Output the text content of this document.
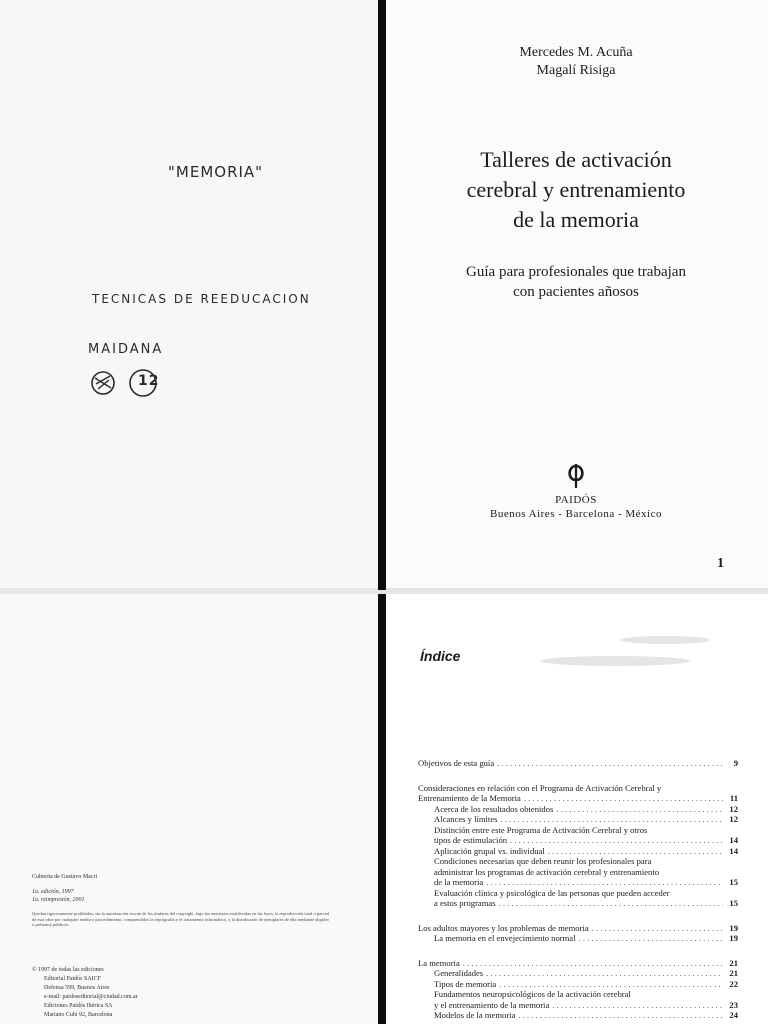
"MEMORIA"
TECNICAS DE REEDUCACION
MAIDANA
12
Mercedes M. Acuña
Magalí Risiga
Talleres de activación
cerebral y entrenamiento
de la memoria
Guía para profesionales que trabajan
con pacientes añosos
PAIDÓS
Buenos Aires - Barcelona - México
1
Cubierta de Gustavo Macri
1a. edición, 1997
1a. reimpresión, 2001
Quedan rigurosamente prohibidas, sin la autorización escrita de los titulares del copyright, bajo las sanciones establecidas en las leyes, la reproducción total o parcial de esta obra por cualquier medio o procedimiento, comprendidos la reprografía y el tratamiento informático, y la distribución de ejemplares de ella mediante alquiler o préstamo públicos.
© 1997 de todas las ediciones
Editorial Paidós SAICF
Defensa 599, Buenos Aires
e-mail: paidoseditorial@ciudad.com.ar
Ediciones Paidós Ibérica SA
Mariano Cubí 92, Barcelona
Índice
Objetivos de esta guía . . .	9
Consideraciones en relación con el Programa de Activación Cerebral y
Entrenamiento de la Memoria . . .	11
Acerca de los resultados obtenidos . . .	12
Alcances y límites . . .	12
Distinción entre este Programa de Activación Cerebral y otros
tipos de estimulación . . .	14
Aplicación grupal vs. individual . . .	14
Condiciones necesarias que deben reunir los profesionales para
administrar los programas de activación cerebral y entrenamiento
de la memoria . . .	15
Evaluación clínica y psicológica de las personas que pueden acceder
a estos programas . . .	15
Los adultos mayores y los problemas de memoria . . .	19
La memoria en el envejecimiento normal . . .	19
La memoria . . .	21
Generalidades . . .	21
Tipos de memoria . . .	22
Fundamentos neuropsicológicos de la activación cerebral
y el entrenamiento de la memoria . . .	23
Modelos de la memoria . . .	24
